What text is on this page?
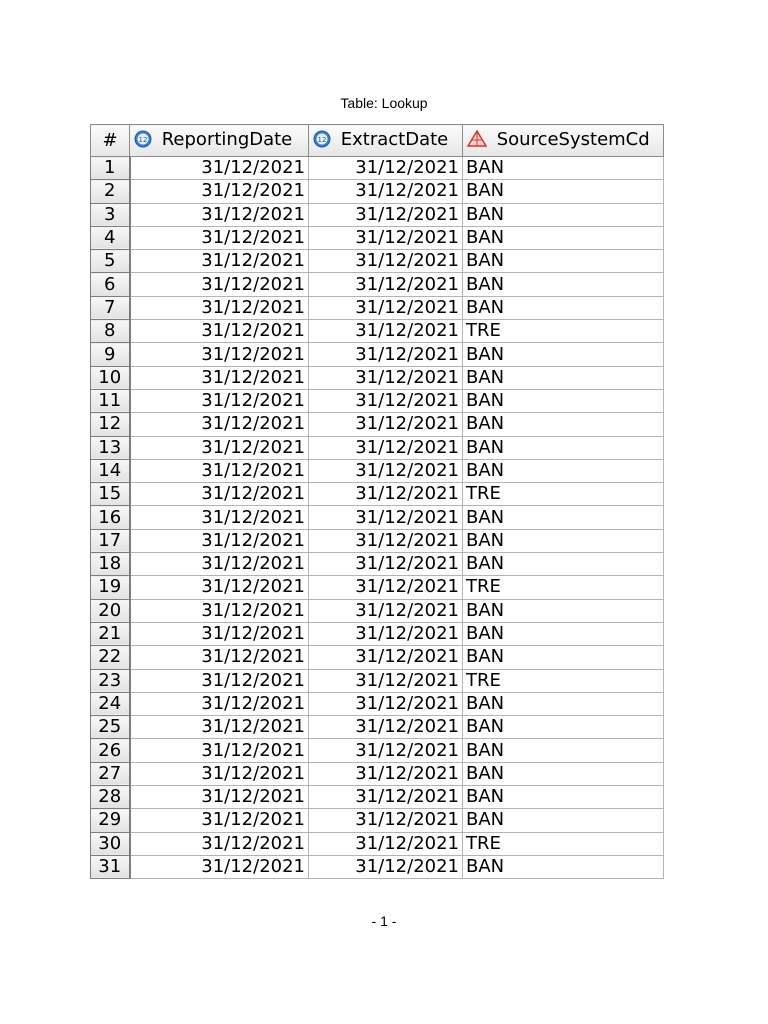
Table: Lookup
#	12 ReportingDate	12 ExtractDate	SourceSystemCd
1	31/12/2021	31/12/2021	BAN
2	31/12/2021	31/12/2021	BAN
3	31/12/2021	31/12/2021	BAN
4	31/12/2021	31/12/2021	BAN
5	31/12/2021	31/12/2021	BAN
6	31/12/2021	31/12/2021	BAN
7	31/12/2021	31/12/2021	BAN
8	31/12/2021	31/12/2021	TRE
9	31/12/2021	31/12/2021	BAN
10	31/12/2021	31/12/2021	BAN
11	31/12/2021	31/12/2021	BAN
12	31/12/2021	31/12/2021	BAN
13	31/12/2021	31/12/2021	BAN
14	31/12/2021	31/12/2021	BAN
15	31/12/2021	31/12/2021	TRE
16	31/12/2021	31/12/2021	BAN
17	31/12/2021	31/12/2021	BAN
18	31/12/2021	31/12/2021	BAN
19	31/12/2021	31/12/2021	TRE
20	31/12/2021	31/12/2021	BAN
21	31/12/2021	31/12/2021	BAN
22	31/12/2021	31/12/2021	BAN
23	31/12/2021	31/12/2021	TRE
24	31/12/2021	31/12/2021	BAN
25	31/12/2021	31/12/2021	BAN
26	31/12/2021	31/12/2021	BAN
27	31/12/2021	31/12/2021	BAN
28	31/12/2021	31/12/2021	BAN
29	31/12/2021	31/12/2021	BAN
30	31/12/2021	31/12/2021	TRE
31	31/12/2021	31/12/2021	BAN
- 1 -
